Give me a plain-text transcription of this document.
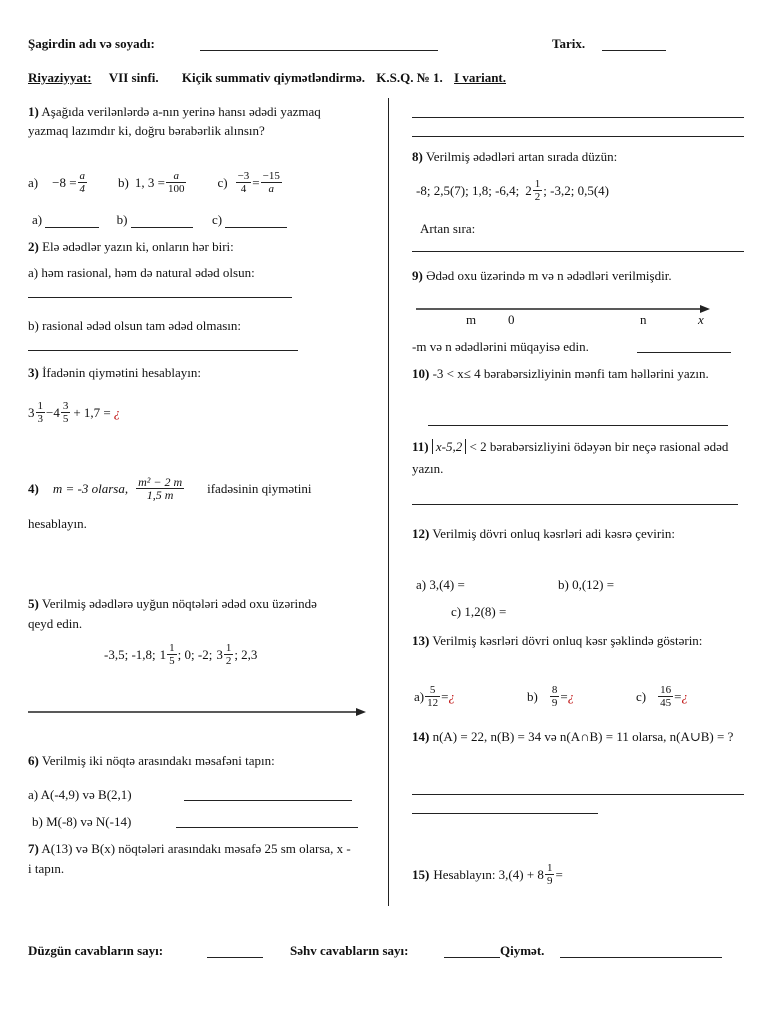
Şagirdin adı və soyadı:	Tarix.
Riyaziyyat: VII sinfi. Kiçik summativ qiymətləndirmə. K.S.Q. № 1. I variant.
1) Aşağıda verilənlərdə a-nın yerinə hansı ədədi yazmaq yazmaq lazımdır ki, doğru bərabərlik alınsın?
$a) -8 = \frac{a}{4} b$) 1, $3 = \frac{a}{100} c) \frac{-3}{4} = \frac{-15}{a}$
a)	b)	c)
2) Elə ədədlər yazın ki, onların hər biri:
a) həm rasional, həm də natural ədəd olsun:
b) rasional ədəd olsun tam ədəd olmasın:
3) İfadənin qiymətini hesablayın:
$3 \frac{1}{3} -4 \frac{3}{5} + 1,7$ = ¿
4) m = -3 olarsa, $\frac{\text{m² − 2 m}}{1,5 m}$ ifadəsinin qiymətini
hesablayın.
5) Verilmiş ədədlərə uyğun nöqtələri ədəd oxu üzərində qeyd edin.
-3,5; -1,8; $1 \frac{1}{5}$ ; 0; -2; $3 \frac{1}{2}$ ; 2,3
6) Verilmiş iki nöqtə arasındakı məsafəni tapın:
a) A(-4,9) və B(2,1)
b) M(-8) və N(-14)
7) A(13) və B(x) nöqtələri arasındakı məsafə 25 sm olarsa, x -i tapın.
8) Verilmiş ədədləri artan sırada düzün:
-8; 2,5(7); 1,8; -6,4; $2 \frac{1}{2}$ ; -3,2; 0,5(4)
Artan sıra:
9) Ədəd oxu üzərində m və n ədədləri verilmişdir.
m 0	n	x
-m və n ədədlərini müqayisə edin.
10) -3 < x≤ 4 bərabərsizliyinin mənfi tam həllərini yazın.
11) x-5,2 < 2 bərabərsizliyini ödəyən bir neçə rasional ədəd yazın.
12) Verilmiş dövri onluq kəsrləri adi kəsrə çevirin:
a) 3,(4) =	b) 0,(12) =
c) 1,2(8) =
13) Verilmiş kəsrləri dövri onluq kəsr şəklində göstərin:
$a) \frac{5}{12}$ = ¿	$b) \frac{8}{9}$ = ¿	$c) \frac{16}{45}$ = ¿
14) n(A) = 22, n(B) = 34 və n(A∩B) = 11 olarsa, n(A∪B) = ?
15) Hesablayın: $3,(4) + 8 \frac{1}{9}$ =
Düzgün cavabların sayı:	Səhv cavabların sayı:	Qiymət.
